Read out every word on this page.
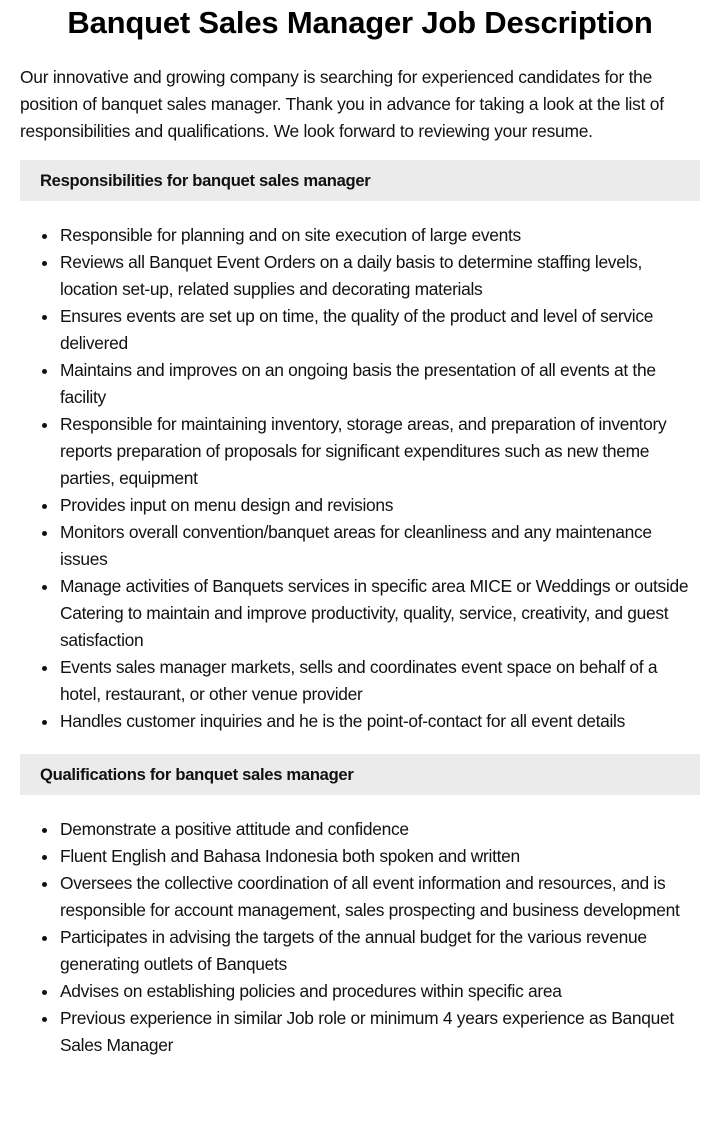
Banquet Sales Manager Job Description

Our innovative and growing company is searching for experienced candidates for the position of banquet sales manager. Thank you in advance for taking a look at the list of responsibilities and qualifications. We look forward to reviewing your resume.

Responsibilities for banquet sales manager
Responsible for planning and on site execution of large events
Reviews all Banquet Event Orders on a daily basis to determine staffing levels, location set-up, related supplies and decorating materials
Ensures events are set up on time, the quality of the product and level of service delivered
Maintains and improves on an ongoing basis the presentation of all events at the facility
Responsible for maintaining inventory, storage areas, and preparation of inventory reports preparation of proposals for significant expenditures such as new theme parties, equipment
Provides input on menu design and revisions
Monitors overall convention/banquet areas for cleanliness and any maintenance issues
Manage activities of Banquets services in specific area MICE or Weddings or outside Catering to maintain and improve productivity, quality, service, creativity, and guest satisfaction
Events sales manager markets, sells and coordinates event space on behalf of a hotel, restaurant, or other venue provider
Handles customer inquiries and he is the point-of-contact for all event details
Qualifications for banquet sales manager
Demonstrate a positive attitude and confidence
Fluent English and Bahasa Indonesia both spoken and written
Oversees the collective coordination of all event information and resources, and is responsible for account management, sales prospecting and business development
Participates in advising the targets of the annual budget for the various revenue generating outlets of Banquets
Advises on establishing policies and procedures within specific area
Previous experience in similar Job role or minimum 4 years experience as Banquet Sales Manager
